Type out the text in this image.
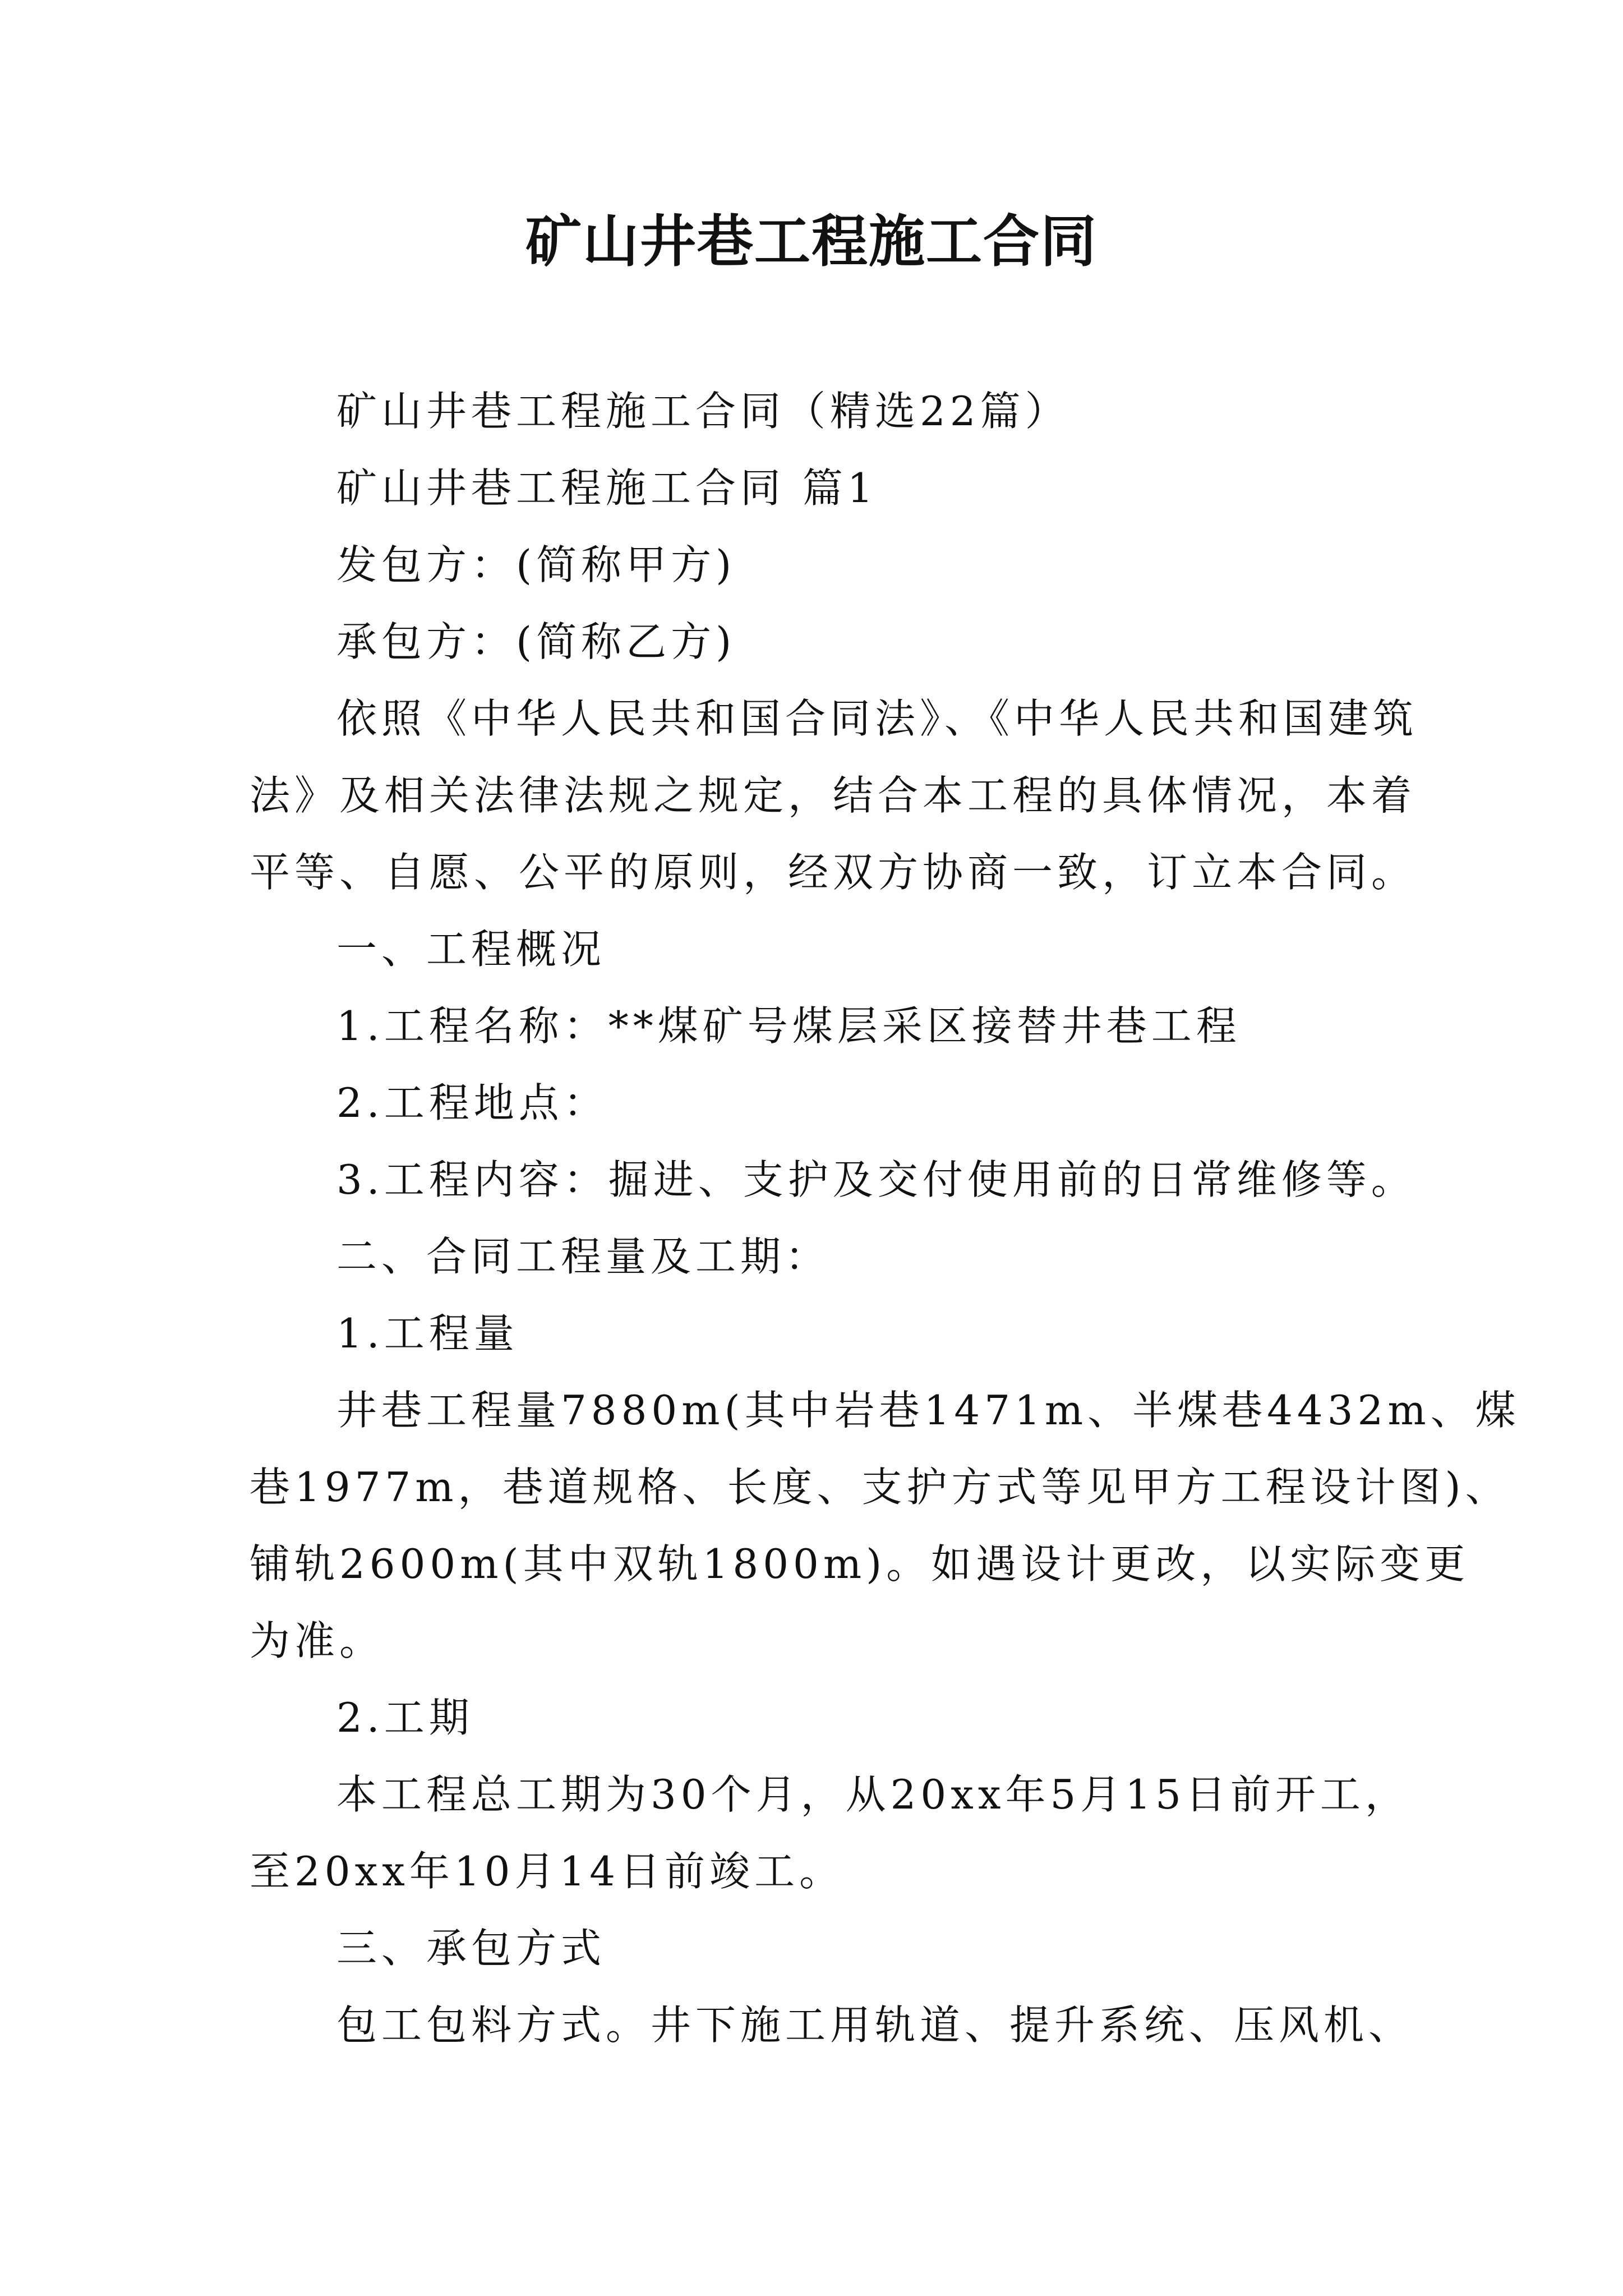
矿山井巷工程施工合同
矿山井巷工程施工合同（精选22篇）
矿山井巷工程施工合同 篇1
发包方：(简称甲方)
承包方：(简称乙方)
依照《中华人民共和国合同法》、《中华人民共和国建筑
法》及相关法律法规之规定，结合本工程的具体情况，本着
平等、自愿、公平的原则，经双方协商一致，订立本合同。
一、工程概况
1.工程名称：**煤矿号煤层采区接替井巷工程
2.工程地点：
3.工程内容：掘进、支护及交付使用前的日常维修等。
二、合同工程量及工期：
1.工程量
井巷工程量7880m(其中岩巷1471m、半煤巷4432m、煤
巷1977m，巷道规格、长度、支护方式等见甲方工程设计图)、
铺轨2600m(其中双轨1800m)。如遇设计更改，以实际变更
为准。
2.工期
本工程总工期为30个月，从20xx年5月15日前开工，
至20xx年10月14日前竣工。
三、承包方式
包工包料方式。井下施工用轨道、提升系统、压风机、
